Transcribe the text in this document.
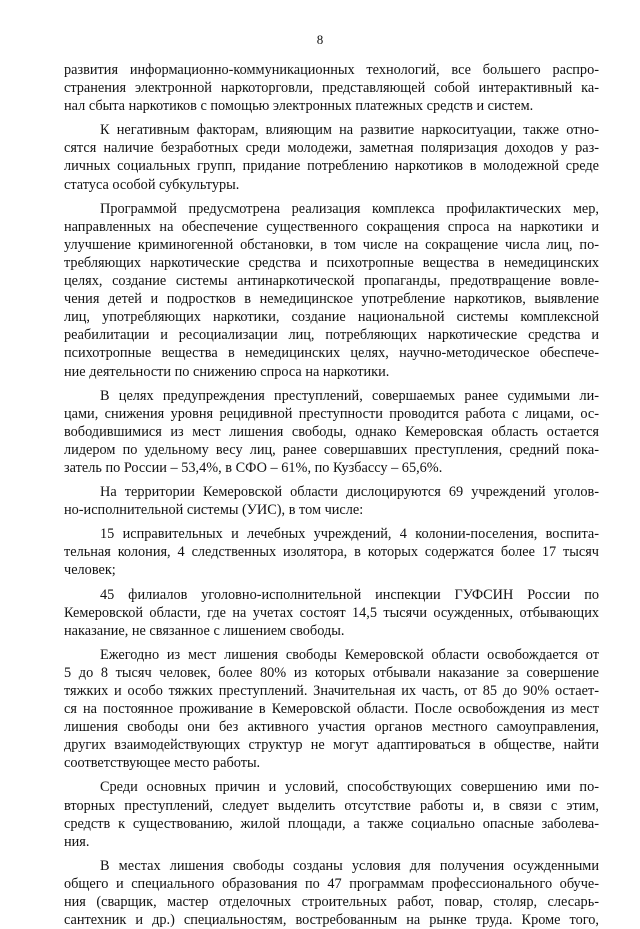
8
развития информационно-коммуникационных технологий, все большего распро-
странения электронной наркоторговли, представляющей собой интерактивный ка-
нал сбыта наркотиков с помощью электронных платежных средств и систем.
К негативным факторам, влияющим на развитие наркоситуации, также отно-
сятся наличие безработных среди молодежи, заметная поляризация доходов у раз-
личных социальных групп, придание потреблению наркотиков в молодежной среде
статуса особой субкультуры.
Программой предусмотрена реализация комплекса профилактических мер,
направленных на обеспечение существенного сокращения спроса на наркотики и
улучшение криминогенной обстановки, в том числе на сокращение числа лиц, по-
требляющих наркотические средства и психотропные вещества в немедицинских
целях, создание системы антинаркотической пропаганды, предотвращение вовле-
чения детей и подростков в немедицинское употребление наркотиков, выявление
лиц, употребляющих наркотики, создание национальной системы комплексной
реабилитации и ресоциализации лиц, потребляющих наркотические средства и
психотропные вещества в немедицинских целях, научно-методическое обеспече-
ние деятельности по снижению спроса на наркотики.
В целях предупреждения преступлений, совершаемых ранее судимыми ли-
цами, снижения уровня рецидивной преступности проводится работа с лицами, ос-
вободившимися из мест лишения свободы, однако Кемеровская область остается
лидером по удельному весу лиц, ранее совершавших преступления, средний пока-
затель по России – 53,4%, в СФО – 61%, по Кузбассу – 65,6%.
На территории Кемеровской области дислоцируются 69 учреждений уголов-
но-исполнительной системы (УИС), в том числе:
15 исправительных и лечебных учреждений, 4 колонии-поселения, воспита-
тельная колония, 4 следственных изолятора, в которых содержатся более 17 тысяч
человек;
45 филиалов уголовно-исполнительной инспекции ГУФСИН России по
Кемеровской области, где на учетах состоят 14,5 тысячи осужденных, отбывающих
наказание, не связанное с лишением свободы.
Ежегодно из мест лишения свободы Кемеровской области освобождается от
5 до 8 тысяч человек, более 80% из которых отбывали наказание за совершение
тяжких и особо тяжких преступлений. Значительная их часть, от 85 до 90% остает-
ся на постоянное проживание в Кемеровской области. После освобождения из мест
лишения свободы они без активного участия органов местного самоуправления,
других взаимодействующих структур не могут адаптироваться в обществе, найти
соответствующее место работы.
Среди основных причин и условий, способствующих совершению ими по-
вторных преступлений, следует выделить отсутствие работы и, в связи с этим,
средств к существованию, жилой площади, а также социально опасные заболева-
ния.
В местах лишения свободы созданы условия для получения осужденными
общего и специального образования по 47 программам профессионального обуче-
ния (сварщик, мастер отделочных строительных работ, повар, столяр, слесарь-
сантехник и др.) специальностям, востребованным на рынке труда. Кроме того,
